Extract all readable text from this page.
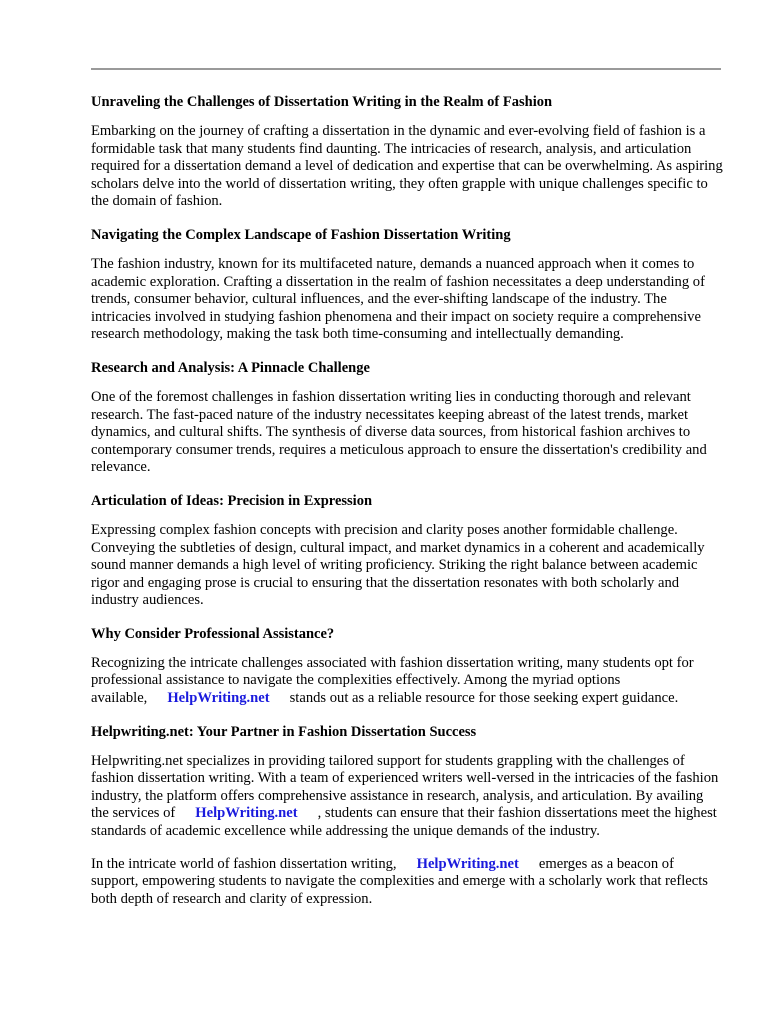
Unraveling the Challenges of Dissertation Writing in the Realm of Fashion

Embarking on the journey of crafting a dissertation in the dynamic and ever-evolving field of fashion is a formidable task that many students find daunting. The intricacies of research, analysis, and articulation required for a dissertation demand a level of dedication and expertise that can be overwhelming. As aspiring scholars delve into the world of dissertation writing, they often grapple with unique challenges specific to the domain of fashion.

Navigating the Complex Landscape of Fashion Dissertation Writing

The fashion industry, known for its multifaceted nature, demands a nuanced approach when it comes to academic exploration. Crafting a dissertation in the realm of fashion necessitates a deep understanding of trends, consumer behavior, cultural influences, and the ever-shifting landscape of the industry. The intricacies involved in studying fashion phenomena and their impact on society require a comprehensive research methodology, making the task both time-consuming and intellectually demanding.

Research and Analysis: A Pinnacle Challenge

One of the foremost challenges in fashion dissertation writing lies in conducting thorough and relevant research. The fast-paced nature of the industry necessitates keeping abreast of the latest trends, market dynamics, and cultural shifts. The synthesis of diverse data sources, from historical fashion archives to contemporary consumer trends, requires a meticulous approach to ensure the dissertation's credibility and relevance.

Articulation of Ideas: Precision in Expression

Expressing complex fashion concepts with precision and clarity poses another formidable challenge. Conveying the subtleties of design, cultural impact, and market dynamics in a coherent and academically sound manner demands a high level of writing proficiency. Striking the right balance between academic rigor and engaging prose is crucial to ensuring that the dissertation resonates with both scholarly and industry audiences.

Why Consider Professional Assistance?

Recognizing the intricate challenges associated with fashion dissertation writing, many students opt for professional assistance to navigate the complexities effectively. Among the myriad options available, HelpWriting.net stands out as a reliable resource for those seeking expert guidance.

Helpwriting.net: Your Partner in Fashion Dissertation Success

Helpwriting.net specializes in providing tailored support for students grappling with the challenges of fashion dissertation writing. With a team of experienced writers well-versed in the intricacies of the fashion industry, the platform offers comprehensive assistance in research, analysis, and articulation. By availing the services of HelpWriting.net , students can ensure that their fashion dissertations meet the highest standards of academic excellence while addressing the unique demands of the industry.

In the intricate world of fashion dissertation writing, HelpWriting.net emerges as a beacon of support, empowering students to navigate the complexities and emerge with a scholarly work that reflects both depth of research and clarity of expression.
